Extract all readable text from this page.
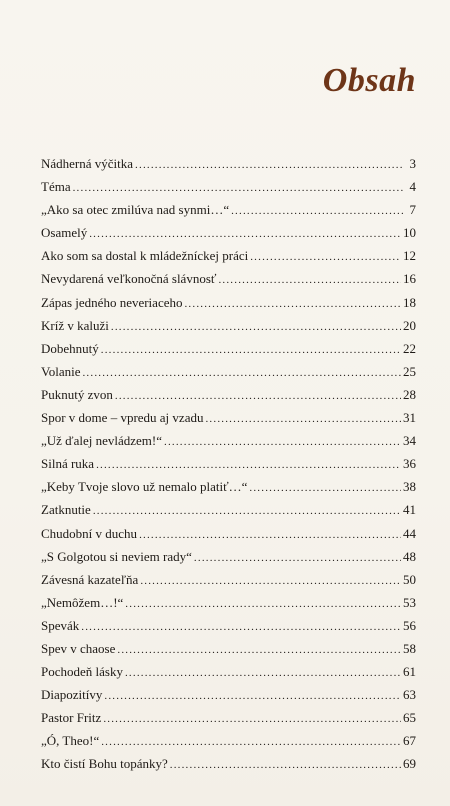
Obsah
Nádherná výčitka .....	3
Téma .....	4
„Ako sa otec zmilúva nad synmi…“ .....	7
Osamelý .....	10
Ako som sa dostal k mládežníckej práci .....	12
Nevydarená veľkonočná slávnosť .....	16
Zápas jedného neveriaceho .....	18
Kríž v kaluži .....	20
Dobehnutý .....	22
Volanie .....	25
Puknutý zvon .....	28
Spor v dome – vpredu aj vzadu .....	31
„Už ďalej nevládzem!“ .....	34
Silná ruka .....	36
„Keby Tvoje slovo už nemalo platiť…“ .....	38
Zatknutie .....	41
Chudobní v duchu .....	44
„S Golgotou si neviem rady“ .....	48
Závesná kazateľňa .....	50
„Nemôžem…!“ .....	53
Spevák .....	56
Spev v chaose .....	58
Pochodeň lásky .....	61
Diapozitívy .....	63
Pastor Fritz .....	65
„Ó, Theo!“ .....	67
Kto čistí Bohu topánky? .....	69
